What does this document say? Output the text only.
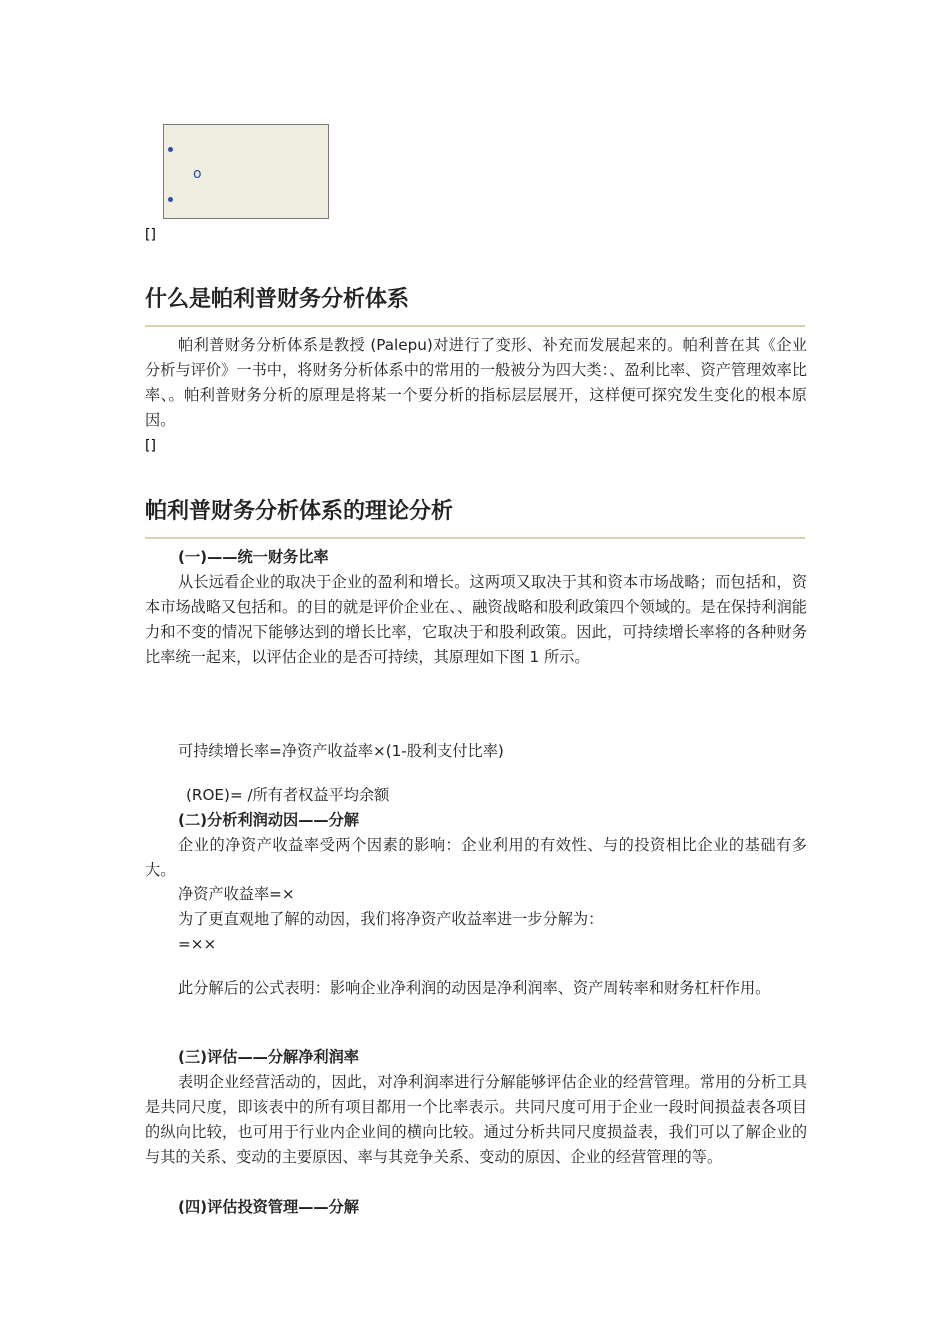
o
[]
什么是帕利普财务分析体系

帕利普财务分析体系是教授 (Palepu)对进行了变形、补充而发展起来的。帕利普在其《企业分析与评价》一书中，将财务分析体系中的常用的一般被分为四大类：、盈利比率、资产管理效率比率、。帕利普财务分析的原理是将某一个要分析的指标层层展开，这样便可探究发生变化的根本原因。

[]
帕利普财务分析体系的理论分析
(一)——统一财务比率

从长远看企业的取决于企业的盈利和增长。这两项又取决于其和资本市场战略；而包括和，资本市场战略又包括和。的目的就是评价企业在、、融资战略和股利政策四个领域的。是在保持利润能力和不变的情况下能够达到的增长比率，它取决于和股利政策。因此，可持续增长率将的各种财务比率统一起来，以评估企业的是否可持续，其原理如下图 1 所示。

可持续增长率=净资产收益率×(1-股利支付比率)
(ROE)= /所有者权益平均余额
(二)分析利润动因——分解

企业的净资产收益率受两个因素的影响：企业利用的有效性、与的投资相比企业的基础有多大。

净资产收益率=×
为了更直观地了解的动因，我们将净资产收益率进一步分解为：
=××

此分解后的公式表明：影响企业净利润的动因是净利润率、资产周转率和财务杠杆作用。

(三)评估——分解净利润率

表明企业经营活动的，因此，对净利润率进行分解能够评估企业的经营管理。常用的分析工具是共同尺度，即该表中的所有项目都用一个比率表示。共同尺度可用于企业一段时间损益表各项目的纵向比较，也可用于行业内企业间的横向比较。通过分析共同尺度损益表，我们可以了解企业的与其的关系、变动的主要原因、率与其竞争关系、变动的原因、企业的经营管理的等。

(四)评估投资管理——分解
